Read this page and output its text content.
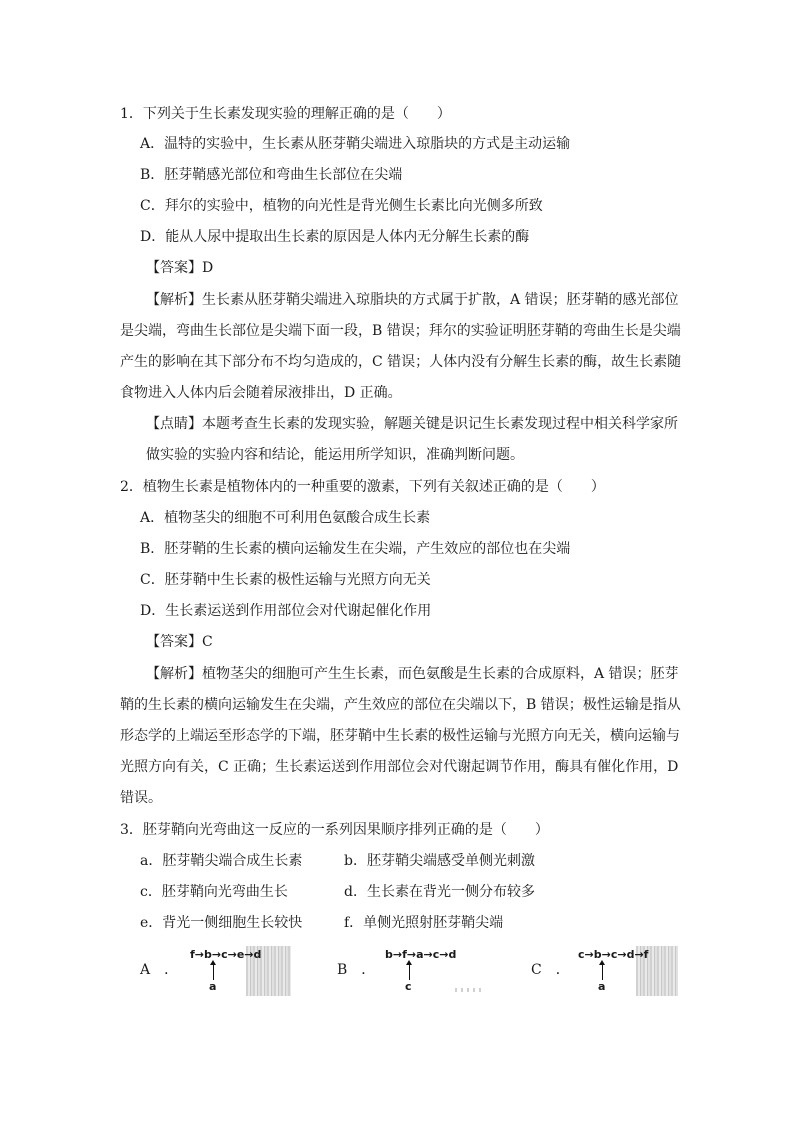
1．下列关于生长素发现实验的理解正确的是（　　）
A．温特的实验中，生长素从胚芽鞘尖端进入琼脂块的方式是主动运输
B．胚芽鞘感光部位和弯曲生长部位在尖端
C．拜尔的实验中，植物的向光性是背光侧生长素比向光侧多所致
D．能从人尿中提取出生长素的原因是人体内无分解生长素的酶
【答案】D
【解析】生长素从胚芽鞘尖端进入琼脂块的方式属于扩散，A 错误；胚芽鞘的感光部位
是尖端，弯曲生长部位是尖端下面一段，B 错误；拜尔的实验证明胚芽鞘的弯曲生长是尖端
产生的影响在其下部分布不均匀造成的，C 错误；人体内没有分解生长素的酶，故生长素随
食物进入人体内后会随着尿液排出，D 正确。
【点睛】本题考查生长素的发现实验，解题关键是识记生长素发现过程中相关科学家所
做实验的实验内容和结论，能运用所学知识，准确判断问题。
2．植物生长素是植物体内的一种重要的激素，下列有关叙述正确的是（　　）
A．植物茎尖的细胞不可利用色氨酸合成生长素
B．胚芽鞘的生长素的横向运输发生在尖端，产生效应的部位也在尖端
C．胚芽鞘中生长素的极性运输与光照方向无关
D．生长素运送到作用部位会对代谢起催化作用
【答案】C
【解析】植物茎尖的细胞可产生生长素，而色氨酸是生长素的合成原料，A 错误；胚芽
鞘的生长素的横向运输发生在尖端，产生效应的部位在尖端以下，B 错误；极性运输是指从
形态学的上端运至形态学的下端，胚芽鞘中生长素的极性运输与光照方向无关，横向运输与
光照方向有关，C 正确；生长素运送到作用部位会对代谢起调节作用，酶具有催化作用，D
错误。
3．胚芽鞘向光弯曲这一反应的一系列因果顺序排列正确的是（　　）
a．胚芽鞘尖端合成生长素	b．胚芽鞘尖端感受单侧光刺激
c．胚芽鞘向光弯曲生长	d．生长素在背光一侧分布较多
e．背光一侧细胞生长较快	f．单侧光照射胚芽鞘尖端
A　．
f→b→c→e→d
a
B　．
b→f→a→c→d
c
C　．
c→b→c→d→f
a
